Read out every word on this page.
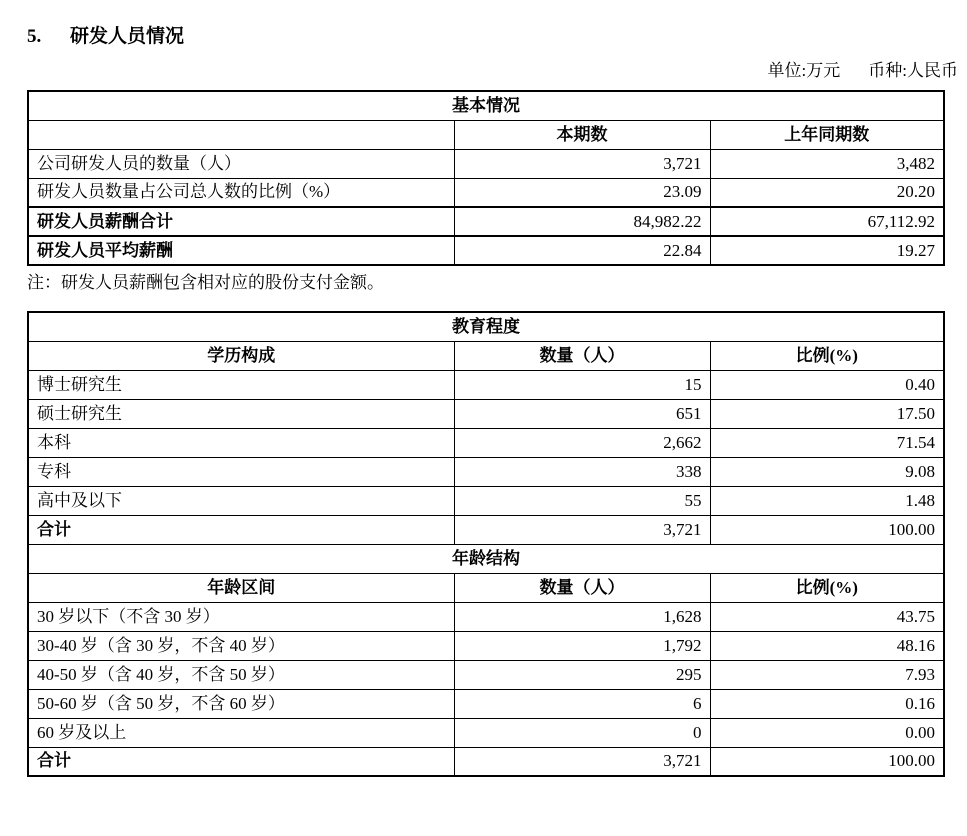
5. 研发人员情况
单位:万元 币种:人民币
基本情况		
	本期数	上年同期数
公司研发人员的数量（人）	3,721	3,482
研发人员数量占公司总人数的比例（%）	23.09	20.20
研发人员薪酬合计	84,982.22	67,112.92
研发人员平均薪酬	22.84	19.27
注：研发人员薪酬包含相对应的股份支付金额。
教育程度		
学历构成	数量（人）	比例(%)
博士研究生	15	0.40
硕士研究生	651	17.50
本科	2,662	71.54
专科	338	9.08
高中及以下	55	1.48
合计	3,721	100.00
年龄结构		
年龄区间	数量（人）	比例(%)
30 岁以下（不含 30 岁）	1,628	43.75
30-40 岁（含 30 岁，不含 40 岁）	1,792	48.16
40-50 岁（含 40 岁，不含 50 岁）	295	7.93
50-60 岁（含 50 岁，不含 60 岁）	6	0.16
60 岁及以上	0	0.00
合计	3,721	100.00
